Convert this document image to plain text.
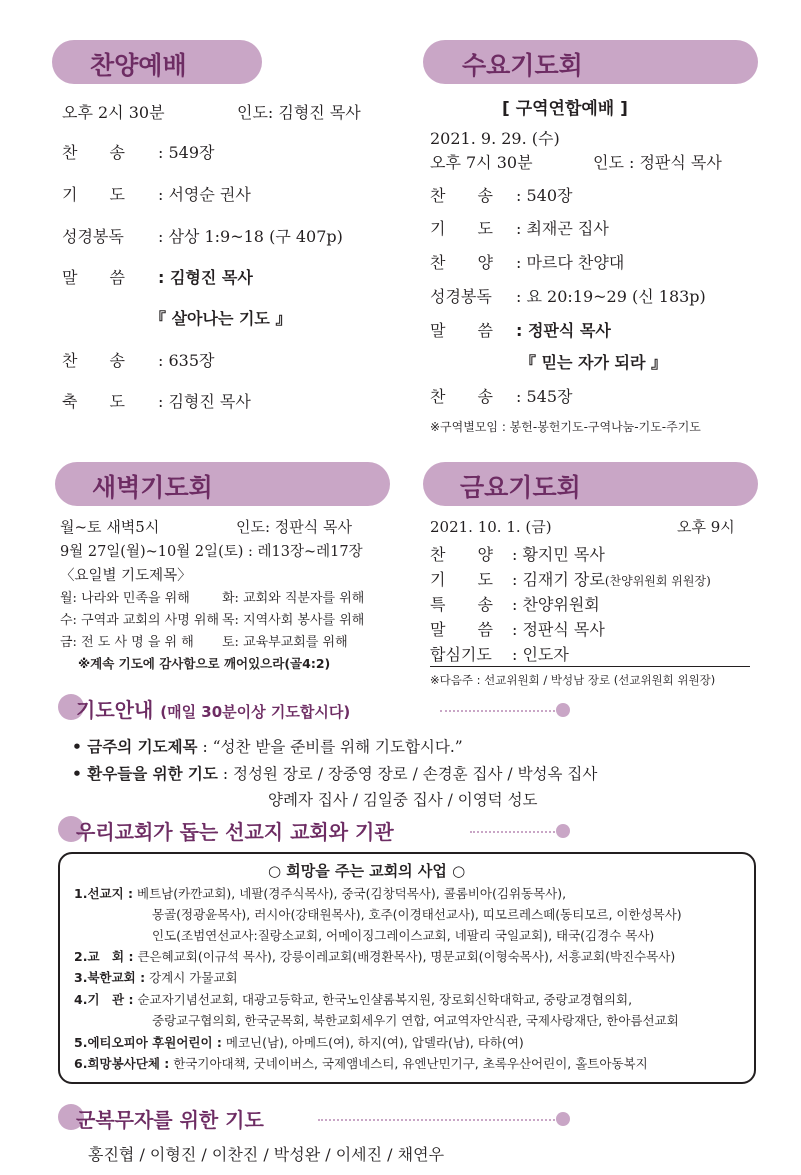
찬양예배
오후 2시 30분	인도: 김형진 목사
찬　　송 : 549장
기　　도 : 서영순 권사
성경봉독 : 삼상 1:9~18 (구 407p)
말　　씀 : 김형진 목사
『 살아나는 기도 』
찬　　송 : 635장
축　　도 : 김형진 목사
수요기도회
[ 구역연합예배 ]
2021. 9. 29. (수)
오후 7시 30분	인도 : 정판식 목사
찬　　송 : 540장
기　　도 : 최재곤 집사
찬　　양 : 마르다 찬양대
성경봉독 : 요 20:19~29 (신 183p)
말　　씀 : 정판식 목사
『 믿는 자가 되라 』
찬　　송 : 545장
※구역별모임 : 봉헌-봉헌기도-구역나눔-기도-주기도
새벽기도회
월~토 새벽5시	인도: 정판식 목사
9월 27일(월)~10월 2일(토) : 레13장~레17장
〈요일별 기도제목〉
월: 나라와 민족을 위해 화: 교회와 직분자를 위해
수: 구역과 교회의 사명 위해 목: 지역사회 봉사를 위해
금: 전 도 사 명 을 위 해 토: 교육부교회를 위해
※계속 기도에 감사함으로 깨어있으라(골4:2)
금요기도회
2021. 10. 1. (금)	오후 9시
찬　　양 : 황지민 목사
기　　도 : 김재기 장로(찬양위원회 위원장)
특　　송 : 찬양위원회
말　　씀 : 정판식 목사
합심기도 : 인도자
※다음주 : 선교위원회 / 박성남 장로 (선교위원회 위원장)
기도안내 (매일 30분이상 기도합시다)
• 금주의 기도제목 : “성찬 받을 준비를 위해 기도합시다.”
• 환우들을 위한 기도 : 정성원 장로 / 장중영 장로 / 손경훈 집사 / 박성옥 집사
양례자 집사 / 김일중 집사 / 이영덕 성도
우리교회가 돕는 선교지 교회와 기관
○ 희망을 주는 교회의 사업 ○
1.선교지 : 베트남(카깐교회), 네팔(경주식목사), 중국(김창덕목사), 콜롬비아(김위동목사),
몽골(정광윤목사), 러시아(강태원목사), 호주(이경태선교사), 띠모르레스떼(동티모르, 이한성목사)
인도(조범연선교사:질랑소교회, 어메이징그레이스교회, 네팔리 국일교회), 태국(김경수 목사)
2.교　회 : 큰은혜교회(이규석 목사), 강릉이레교회(배경환목사), 명문교회(이형숙목사), 서흥교회(박진수목사)
3.북한교회 : 강계시 가물교회
4.기　관 : 순교자기념선교회, 대광고등학교, 한국노인샬롬복지원, 장로회신학대학교, 중랑교경협의회,
중랑교구협의회, 한국군목회, 북한교회세우기 연합, 여교역자안식관, 국제사랑재단, 한아름선교회
5.에티오피아 후원어린이 : 메코닌(남), 아메드(여), 하지(여), 압델라(남), 타하(여)
6.희망봉사단체 : 한국기아대책, 굿네이버스, 국제앰네스티, 유엔난민기구, 초록우산어린이, 홀트아동복지
군복무자를 위한 기도
홍진협 / 이형진 / 이찬진 / 박성완 / 이세진 / 채연우
